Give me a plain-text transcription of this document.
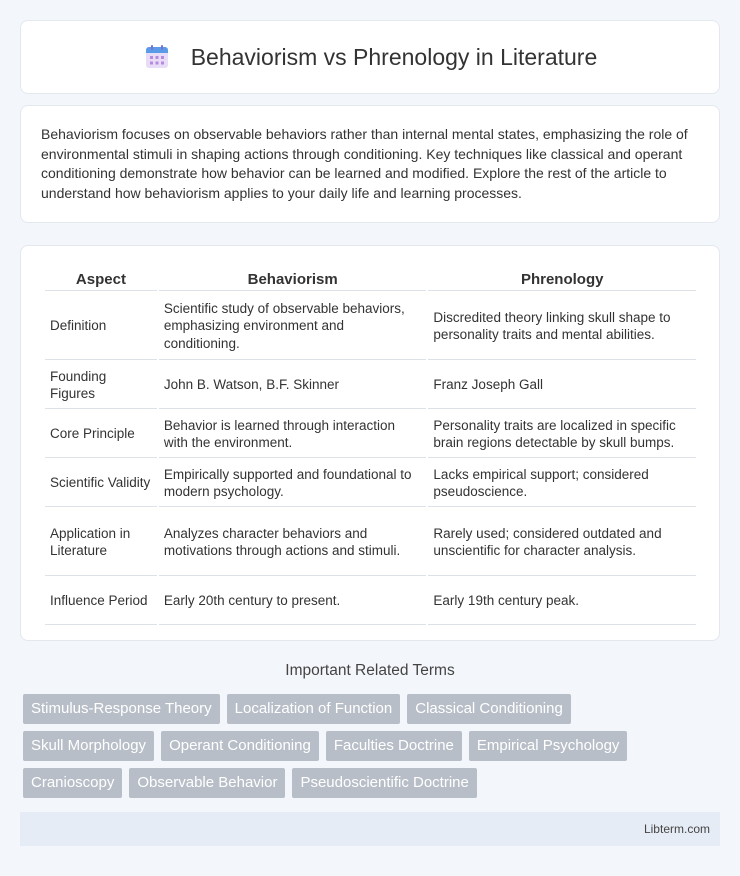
Behaviorism vs Phrenology in Literature

Behaviorism focuses on observable behaviors rather than internal mental states, emphasizing the role of environmental stimuli in shaping actions through conditioning. Key techniques like classical and operant conditioning demonstrate how behavior can be learned and modified. Explore the rest of the article to understand how behaviorism applies to your daily life and learning processes.

Aspect	Behaviorism	Phrenology
Definition	Scientific study of observable behaviors, emphasizing environment and conditioning.	Discredited theory linking skull shape to personality traits and mental abilities.
Founding Figures	John B. Watson, B.F. Skinner	Franz Joseph Gall
Core Principle	Behavior is learned through interaction with the environment.	Personality traits are localized in specific brain regions detectable by skull bumps.
Scientific Validity	Empirically supported and foundational to modern psychology.	Lacks empirical support; considered pseudoscience.
Application in Literature	Analyzes character behaviors and motivations through actions and stimuli.	Rarely used; considered outdated and unscientific for character analysis.
Influence Period	Early 20th century to present.	Early 19th century peak.
Important Related Terms
Stimulus-Response Theory	Localization of Function	Classical Conditioning
Skull Morphology	Operant Conditioning	Faculties Doctrine	Empirical Psychology
Cranioscopy	Observable Behavior	Pseudoscientific Doctrine
Libterm.com
